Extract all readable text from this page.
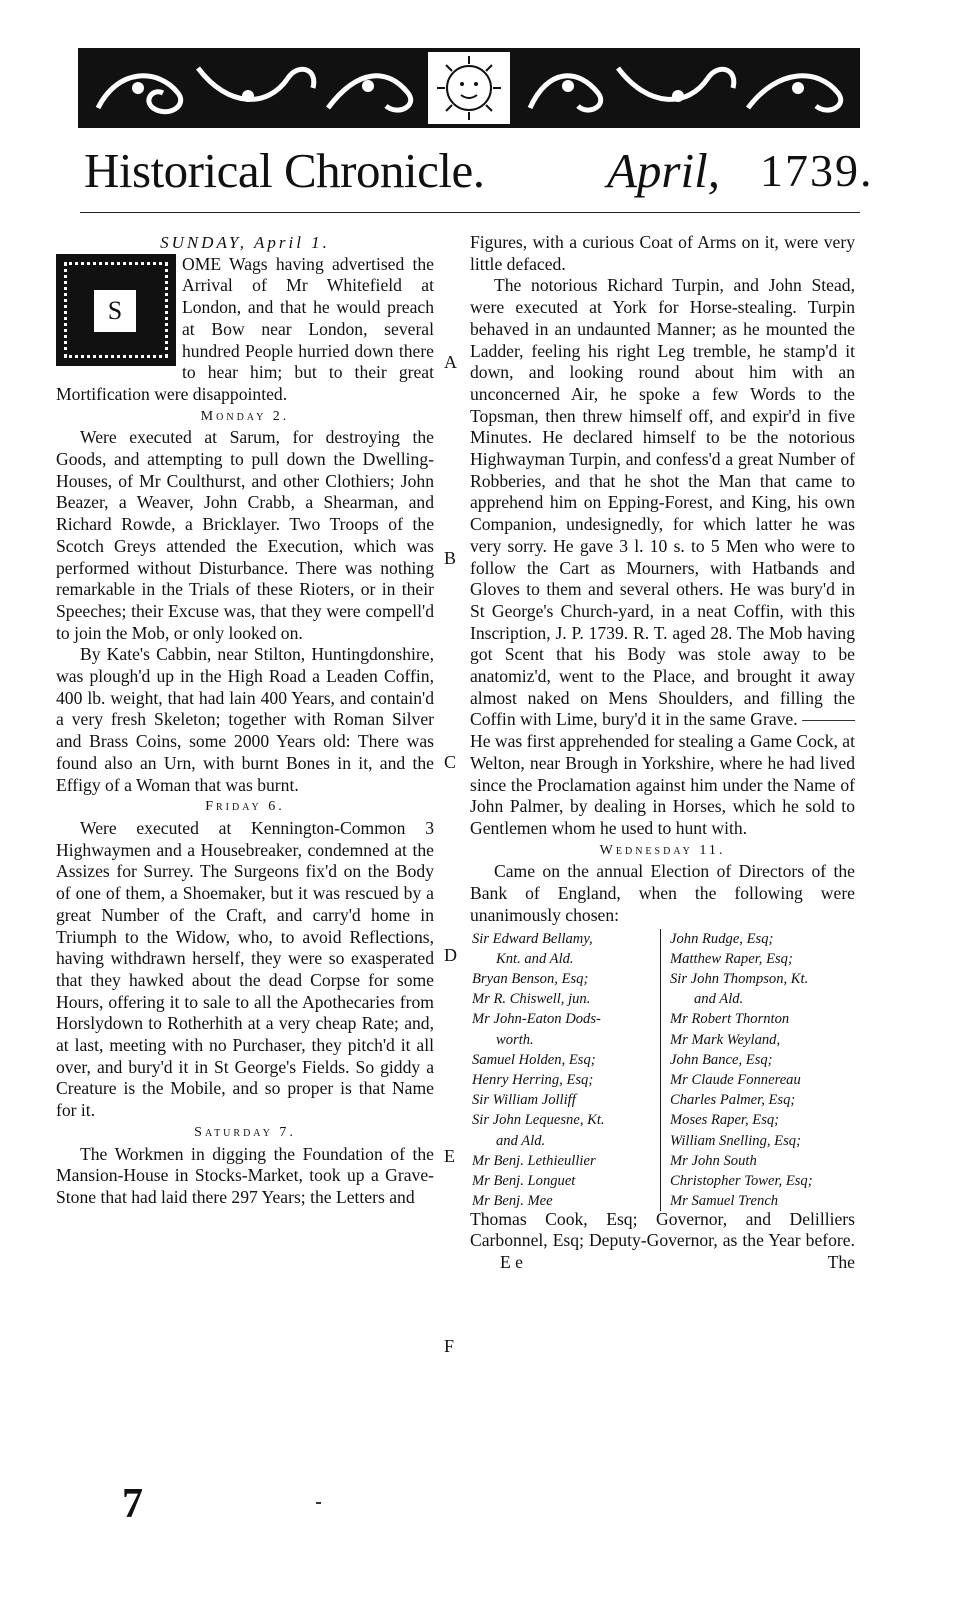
Historical Chronicle.	April, 1739.

SUNDAY, April 1.

S

OME Wags having advertised the Arrival of Mr Whitefield at London, and that he would preach at Bow near London, several hundred People hurried down there to hear him; but to their great Mortification were disappointed.

Monday 2.

Were executed at Sarum, for destroying the Goods, and attempting to pull down the Dwelling-Houses, of Mr Coulthurst, and other Clothiers; John Beazer, a Weaver, John Crabb, a Shearman, and Richard Rowde, a Bricklayer. Two Troops of the Scotch Greys attended the Execution, which was performed without Disturbance. There was nothing remarkable in the Trials of these Rioters, or in their Speeches; their Excuse was, that they were compell'd to join the Mob, or only looked on.

By Kate's Cabbin, near Stilton, Huntingdonshire, was plough'd up in the High Road a Leaden Coffin, 400 lb. weight, that had lain 400 Years, and contain'd a very fresh Skeleton; together with Roman Silver and Brass Coins, some 2000 Years old: There was found also an Urn, with burnt Bones in it, and the Effigy of a Woman that was burnt.

Friday 6.

Were executed at Kennington-Common 3 Highwaymen and a Housebreaker, condemned at the Assizes for Surrey. The Surgeons fix'd on the Body of one of them, a Shoemaker, but it was rescued by a great Number of the Craft, and carry'd home in Triumph to the Widow, who, to avoid Reflections, having withdrawn herself, they were so exasperated that they hawked about the dead Corpse for some Hours, offering it to sale to all the Apothecaries from Horslydown to Rotherhith at a very cheap Rate; and, at last, meeting with no Purchaser, they pitch'd it all over, and bury'd it in St George's Fields. So giddy a Creature is the Mobile, and so proper is that Name for it.

Saturday 7.

The Workmen in digging the Foundation of the Mansion-House in Stocks-Market, took up a Grave-Stone that had laid there 297 Years; the Letters and

A
B
C
D
E
F

Figures, with a curious Coat of Arms on it, were very little defaced.

The notorious Richard Turpin, and John Stead, were executed at York for Horse-stealing. Turpin behaved in an undaunted Manner; as he mounted the Ladder, feeling his right Leg tremble, he stamp'd it down, and looking round about him with an unconcerned Air, he spoke a few Words to the Topsman, then threw himself off, and expir'd in five Minutes. He declared himself to be the notorious Highwayman Turpin, and confess'd a great Number of Robberies, and that he shot the Man that came to apprehend him on Epping-Forest, and King, his own Companion, undesignedly, for which latter he was very sorry. He gave 3 l. 10 s. to 5 Men who were to follow the Cart as Mourners, with Hatbands and Gloves to them and several others. He was bury'd in St George's Church-yard, in a neat Coffin, with this Inscription, J. P. 1739. R. T. aged 28. The Mob having got Scent that his Body was stole away to be anatomiz'd, went to the Place, and brought it away almost naked on Mens Shoulders, and filling the Coffin with Lime, bury'd it in the same Grave. ——— He was first apprehended for stealing a Game Cock, at Welton, near Brough in Yorkshire, where he had lived since the Proclamation against him under the Name of John Palmer, by dealing in Horses, which he sold to Gentlemen whom he used to hunt with.

Wednesday 11.

Came on the annual Election of Directors of the Bank of England, when the following were unanimously chosen:

Sir Edward Bellamy,
Knt. and Ald.
Bryan Benson, Esq;
Mr R. Chiswell, jun.
Mr John-Eaton Dods-
worth.
Samuel Holden, Esq;
Henry Herring, Esq;
Sir William Jolliff
Sir John Lequesne, Kt.
and Ald.
Mr Benj. Lethieullier
Mr Benj. Longuet
Mr Benj. Mee
John Rudge, Esq;
Matthew Raper, Esq;
Sir John Thompson, Kt.
and Ald.
Mr Robert Thornton
Mr Mark Weyland,
John Bance, Esq;
Mr Claude Fonnereau
Charles Palmer, Esq;
Moses Raper, Esq;
William Snelling, Esq;
Mr John South
Christopher Tower, Esq;
Mr Samuel Trench

Thomas Cook, Esq; Governor, and Delilliers Carbonnel, Esq; Deputy-Governor, as the Year before. E e	The

7
